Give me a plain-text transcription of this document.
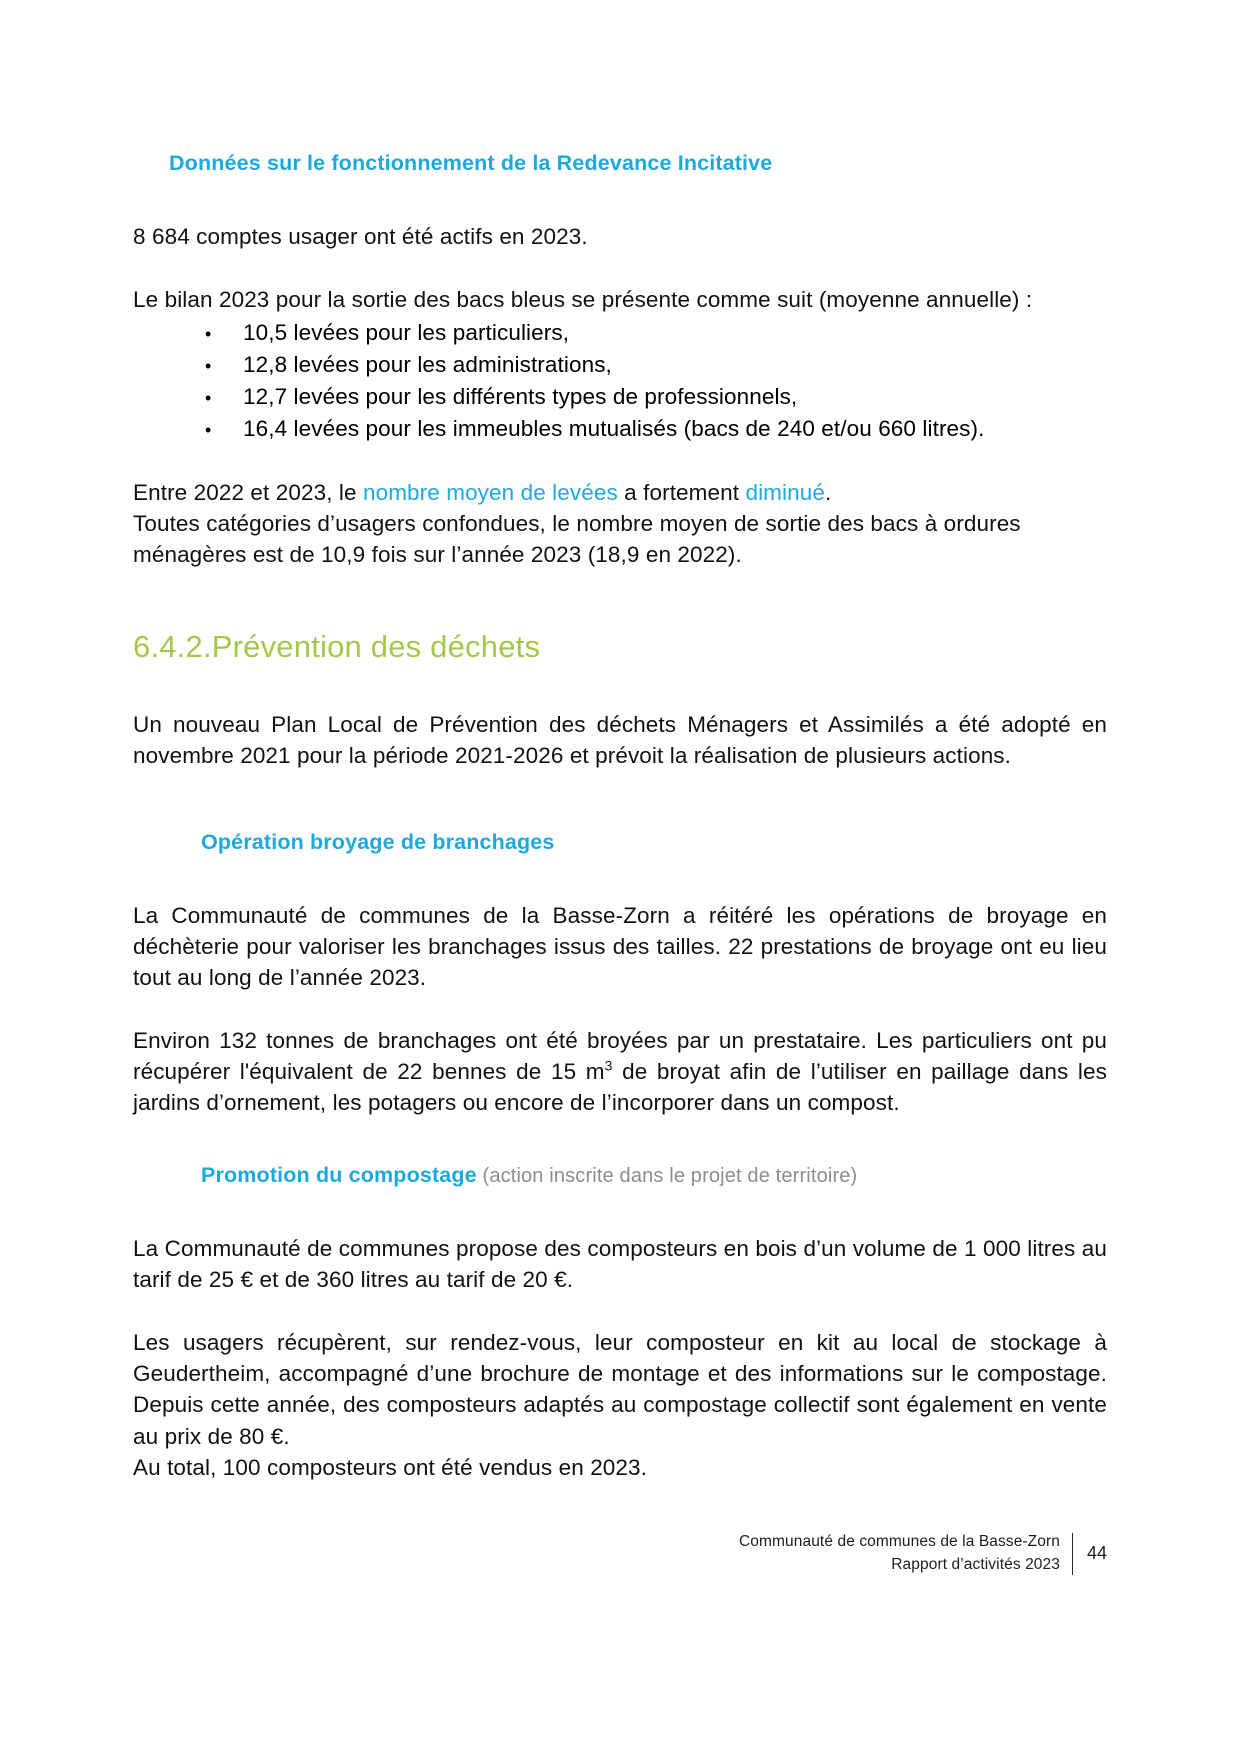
Données sur le fonctionnement de la Redevance Incitative

8 684 comptes usager ont été actifs en 2023.

Le bilan 2023 pour la sortie des bacs bleus se présente comme suit (moyenne annuelle) :

•
10,5 levées pour les particuliers,
•
12,8 levées pour les administrations,
•
12,7 levées pour les différents types de professionnels,
•
16,4 levées pour les immeubles mutualisés (bacs de 240 et/ou 660 litres).

Entre 2022 et 2023, le nombre moyen de levées a fortement diminué.

Toutes catégories d’usagers confondues, le nombre moyen de sortie des bacs à ordures ménagères est de 10,9 fois sur l’année 2023 (18,9 en 2022).

6.4.2.Prévention des déchets

Un nouveau Plan Local de Prévention des déchets Ménagers et Assimilés a été adopté en novembre 2021 pour la période 2021-2026 et prévoit la réalisation de plusieurs actions.

Opération broyage de branchages

La Communauté de communes de la Basse-Zorn a réitéré les opérations de broyage en déchèterie pour valoriser les branchages issus des tailles. 22 prestations de broyage ont eu lieu tout au long de l’année 2023.

Environ 132 tonnes de branchages ont été broyées par un prestataire. Les particuliers ont pu récupérer l'équivalent de 22 bennes de 15 $m^3$ de broyat afin de l’utiliser en paillage dans les jardins d’ornement, les potagers ou encore de l’incorporer dans un compost.

Promotion du compostage (action inscrite dans le projet de territoire)

La Communauté de communes propose des composteurs en bois d’un volume de 1 000 litres au tarif de 25 € et de 360 litres au tarif de 20 €.

Les usagers récupèrent, sur rendez-vous, leur composteur en kit au local de stockage à Geudertheim, accompagné d’une brochure de montage et des informations sur le compostage. Depuis cette année, des composteurs adaptés au compostage collectif sont également en vente au prix de 80 €.

Au total, 100 composteurs ont été vendus en 2023.

Communauté de communes de la Basse-Zorn
Rapport d’activités 2023
44
